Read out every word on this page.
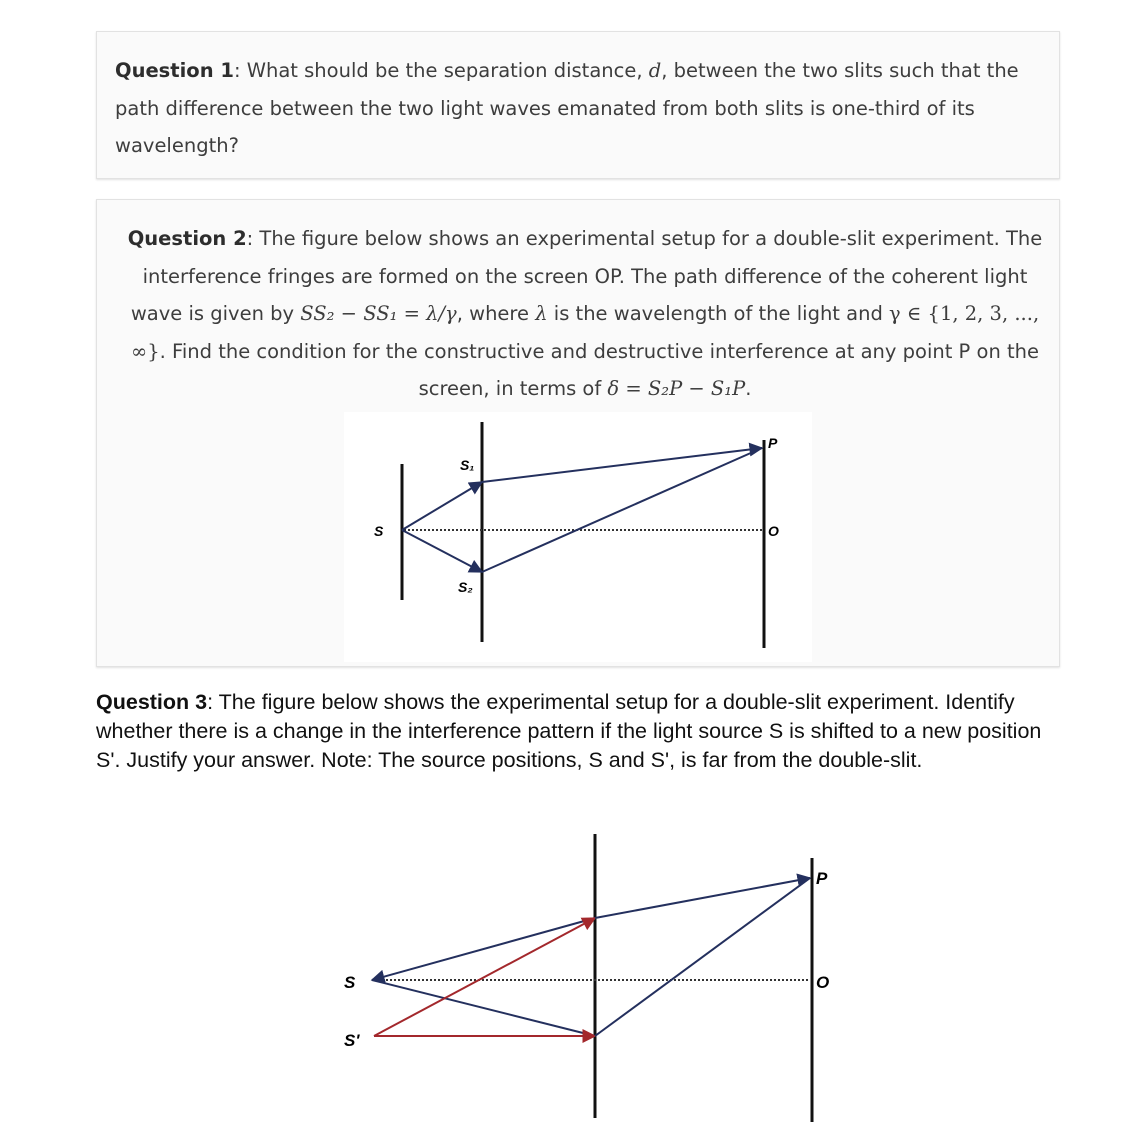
Question 1: What should be the separation distance, d, between the two slits such that the path difference between the two light waves emanated from both slits is one-third of its wavelength?
Question 2: The figure below shows an experimental setup for a double-slit experiment. The interference fringes are formed on the screen OP. The path difference of the coherent light wave is given by SS₂ − SS₁ = λ/γ, where λ is the wavelength of the light and γ ∈ {1, 2, 3, ..., ∞}. Find the condition for the constructive and destructive interference at any point P on the screen, in terms of δ = S₂P − S₁P.
S
S₁
S₂
P
O
Question 3: The figure below shows the experimental setup for a double-slit experiment. Identify whether there is a change in the interference pattern if the light source S is shifted to a new position S'. Justify your answer. Note: The source positions, S and S', is far from the double-slit.
S
S'
P
O
